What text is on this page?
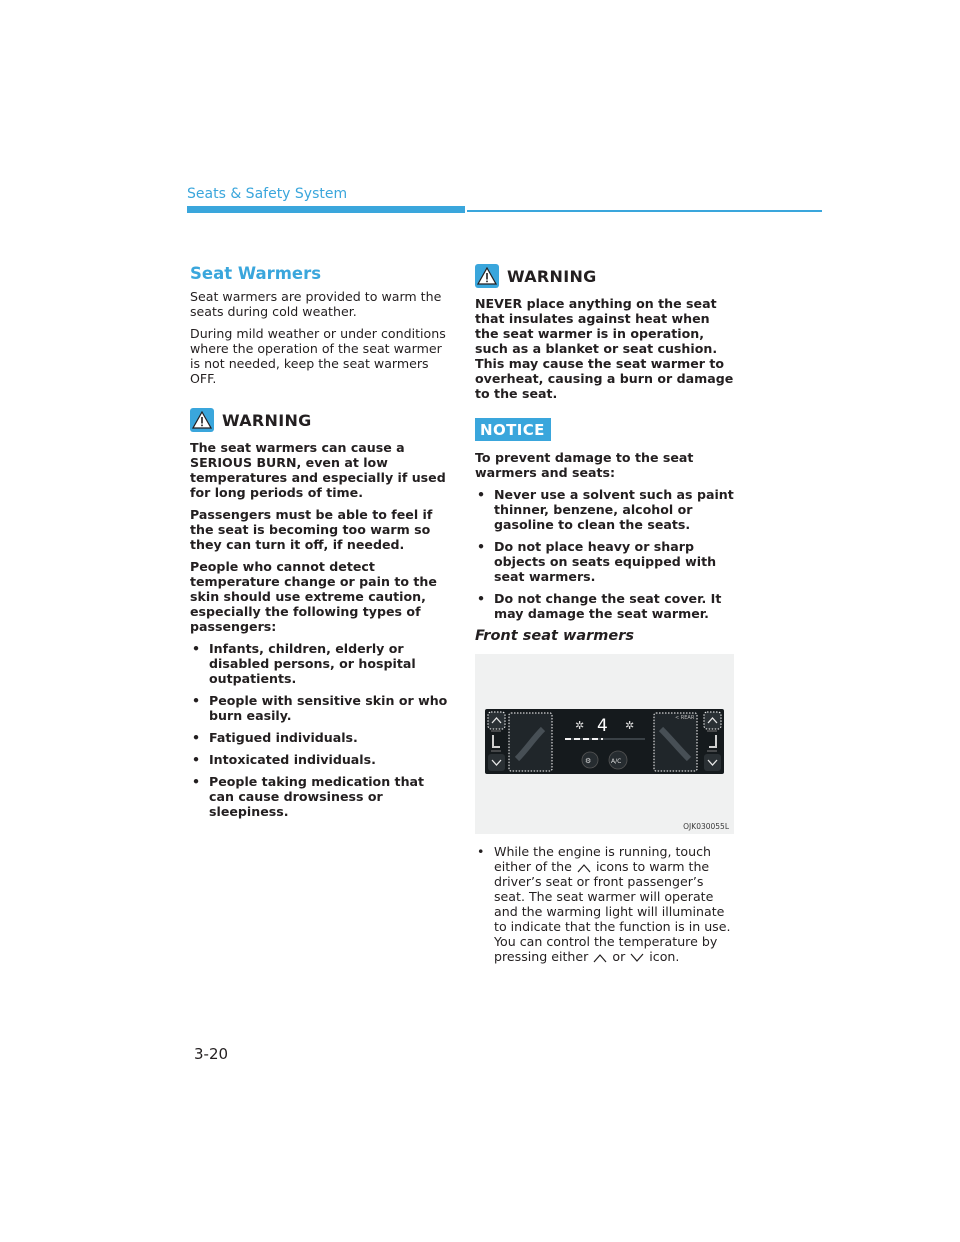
Seats & Safety System
Seat Warmers

Seat warmers are provided to warm the seats during cold weather.

During mild weather or under conditions where the operation of the seat warmer is not needed, keep the seat warmers OFF.

WARNING

The seat warmers can cause a SERIOUS BURN, even at low temperatures and especially if used for long periods of time.

Passengers must be able to feel if the seat is becoming too warm so they can turn it off, if needed.

People who cannot detect temperature change or pain to the skin should use extreme caution, especially the following types of passengers:

• Infants, children, elderly or disabled persons, or hospital outpatients.
• People with sensitive skin or who burn easily.
• Fatigued individuals.
• Intoxicated individuals.
• People taking medication that can cause drowsiness or sleepiness.
WARNING

NEVER place anything on the seat that insulates against heat when the seat warmer is in operation, such as a blanket or seat cushion. This may cause the seat warmer to overheat, causing a burn or damage to the seat.

NOTICE

To prevent damage to the seat warmers and seats:

• Never use a solvent such as paint thinner, benzene, alcohol or gasoline to clean the seats.
• Do not place heavy or sharp objects on seats equipped with seat warmers.
• Do not change the seat cover. It may damage the seat warmer.
Front seat warmers
✲	✲
4
⚙	A/C
< REAR
OJK030055L
• While the engine is running, touch either of the icons to warm the driver’s seat or front passenger’s seat. The seat warmer will operate and the warming light will illuminate to indicate that the function is in use. You can control the temperature by pressing either or icon.
3-20
